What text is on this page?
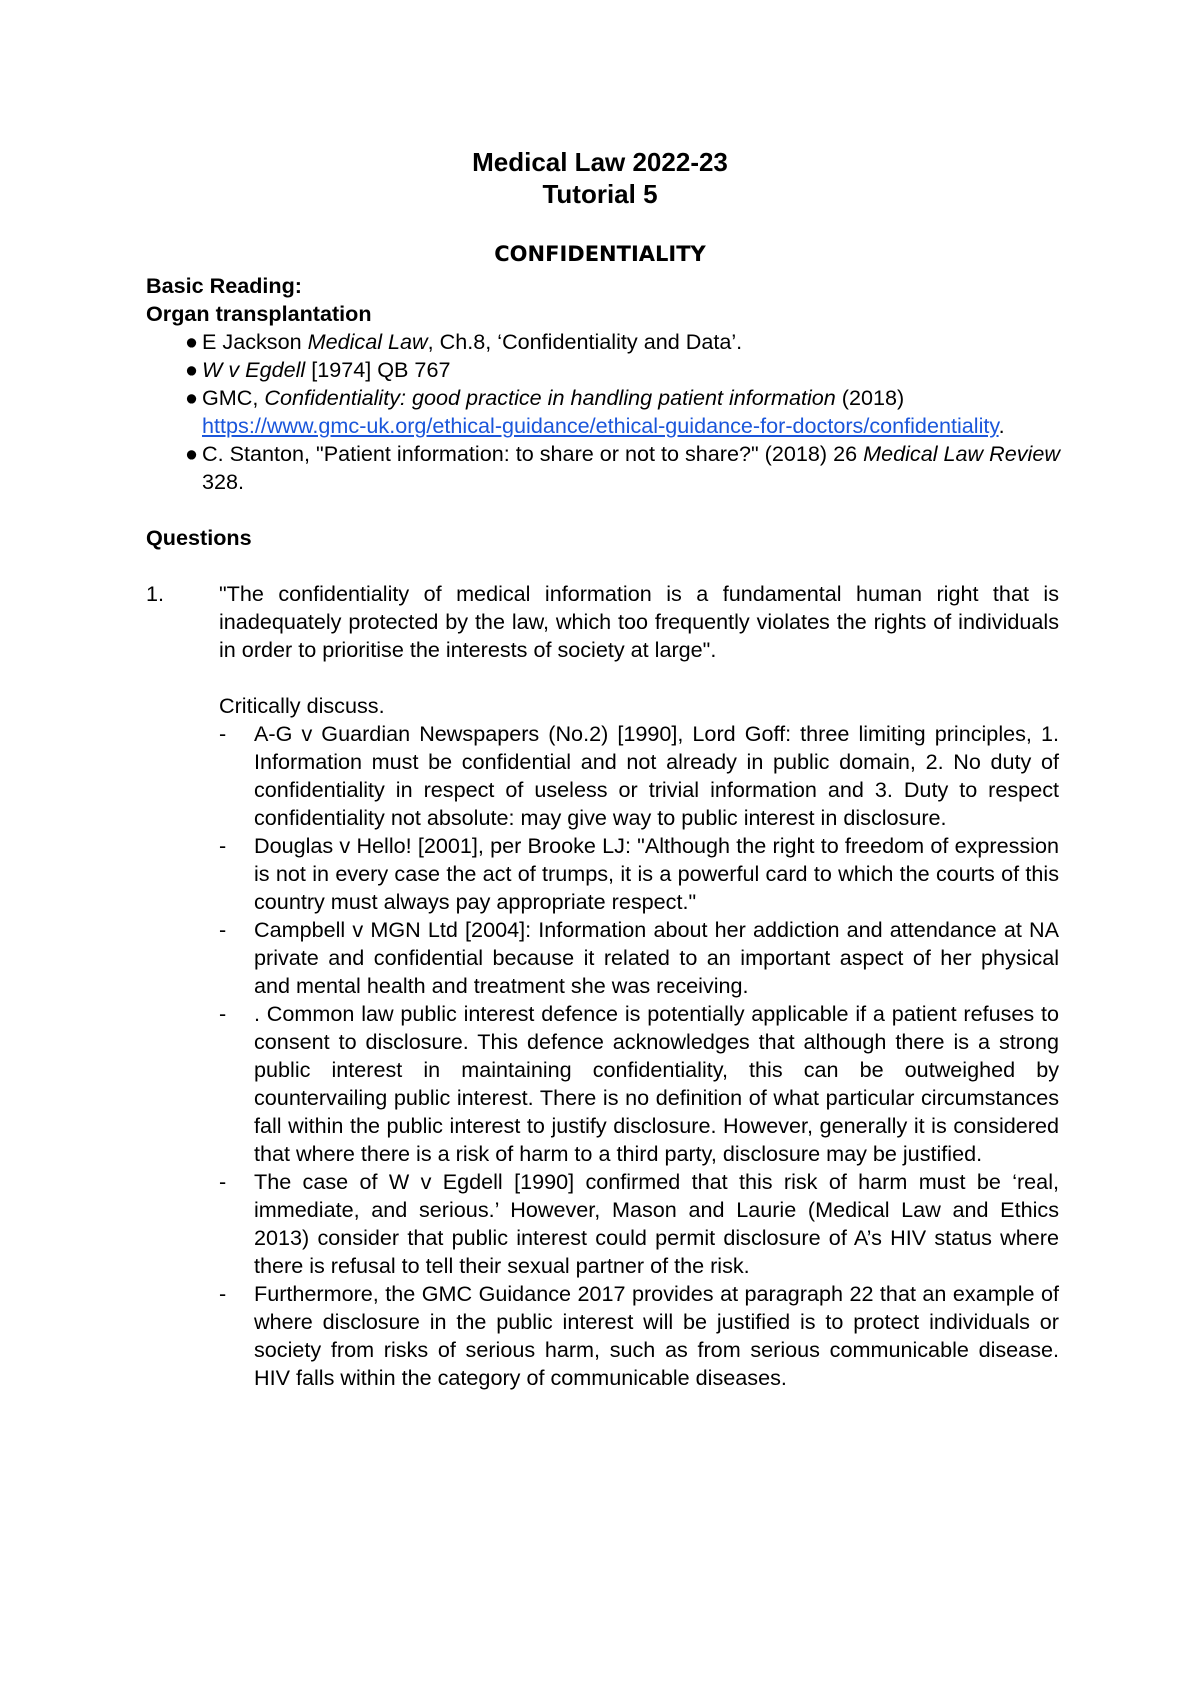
Medical Law 2022-23

Tutorial 5

CONFIDENTIALITY
Basic Reading:
Organ transplantation
● E Jackson Medical Law, Ch.8, ‘Confidentiality and Data’.
● W v Egdell [1974] QB 767
● GMC, Confidentiality: good practice in handling patient information (2018)
https://www.gmc-uk.org/ethical-guidance/ethical-guidance-for-doctors/confidentiality.
● C. Stanton, "Patient information: to share or not to share?" (2018) 26 Medical Law Review 328.
Questions
1.	"The confidentiality of medical information is a fundamental human right that is inadequately protected by the law, which too frequently violates the rights of individuals in order to prioritise the interests of society at large".
Critically discuss.
- A-G v Guardian Newspapers (No.2) [1990], Lord Goff: three limiting principles, 1. Information must be confidential and not already in public domain, 2. No duty of confidentiality in respect of useless or trivial information and 3. Duty to respect confidentiality not absolute: may give way to public interest in disclosure.
- Douglas v Hello! [2001], per Brooke LJ: "Although the right to freedom of expression is not in every case the act of trumps, it is a powerful card to which the courts of this country must always pay appropriate respect."
- Campbell v MGN Ltd [2004]: Information about her addiction and attendance at NA private and confidential because it related to an important aspect of her physical and mental health and treatment she was receiving.
- . Common law public interest defence is potentially applicable if a patient refuses to consent to disclosure. This defence acknowledges that although there is a strong public interest in maintaining confidentiality, this can be outweighed by countervailing public interest. There is no definition of what particular circumstances fall within the public interest to justify disclosure. However, generally it is considered that where there is a risk of harm to a third party, disclosure may be justified.
- The case of W v Egdell [1990] confirmed that this risk of harm must be ‘real, immediate, and serious.’ However, Mason and Laurie (Medical Law and Ethics 2013) consider that public interest could permit disclosure of A’s HIV status where there is refusal to tell their sexual partner of the risk.
- Furthermore, the GMC Guidance 2017 provides at paragraph 22 that an example of where disclosure in the public interest will be justified is to protect individuals or society from risks of serious harm, such as from serious communicable disease. HIV falls within the category of communicable diseases.
